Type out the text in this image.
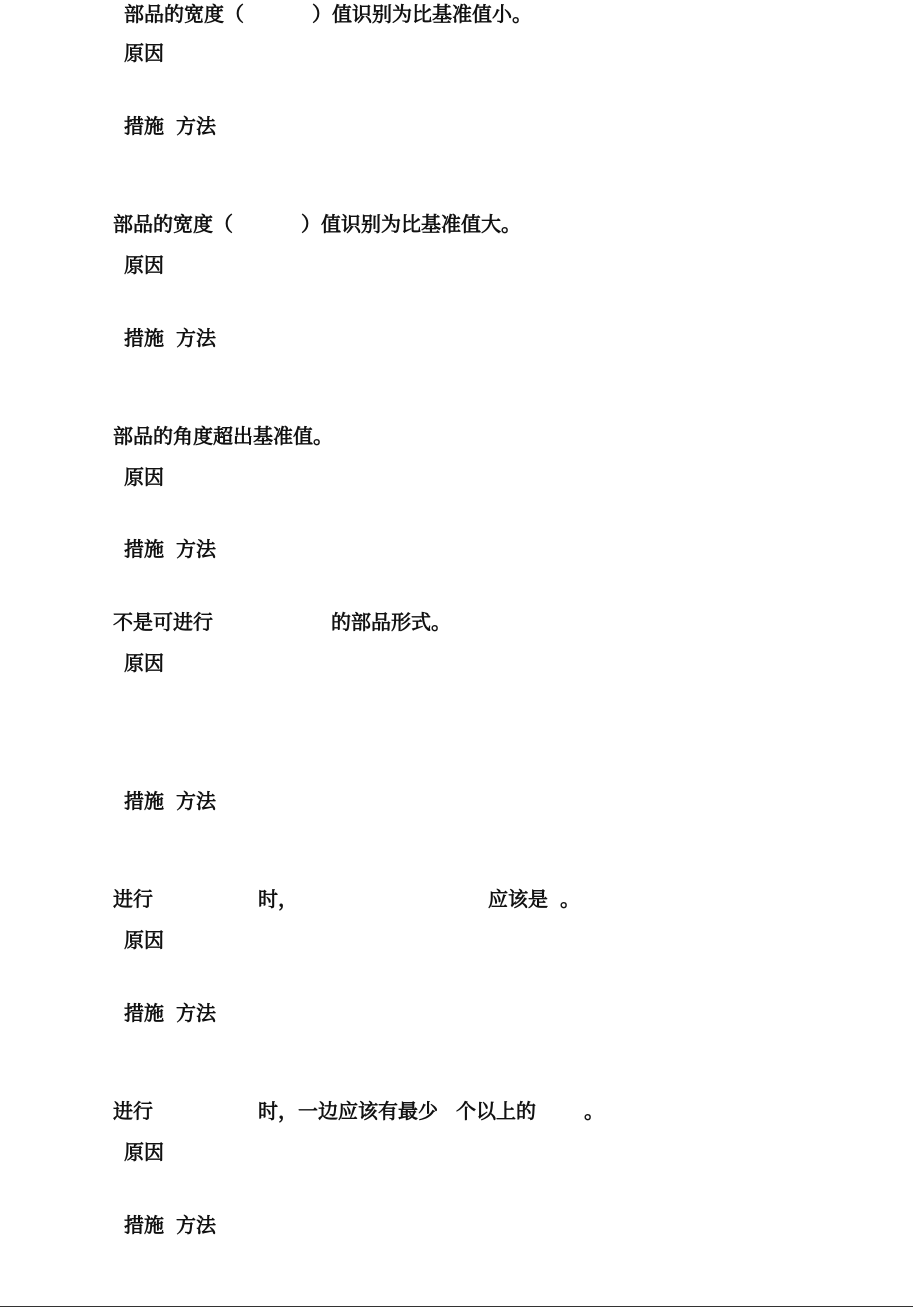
部品的宽度（	）值识别为比基准值小。
原因
措施 方法
部品的宽度（	）值识别为比基准值大。
原因
措施 方法
部品的角度超出基准值。
原因
措施 方法
不是可进行	的部品形式。
原因
措施 方法
进行	时，	应该是 。
原因
措施 方法
进行	时，一边应该有最少 个以上的 。
原因
措施 方法
